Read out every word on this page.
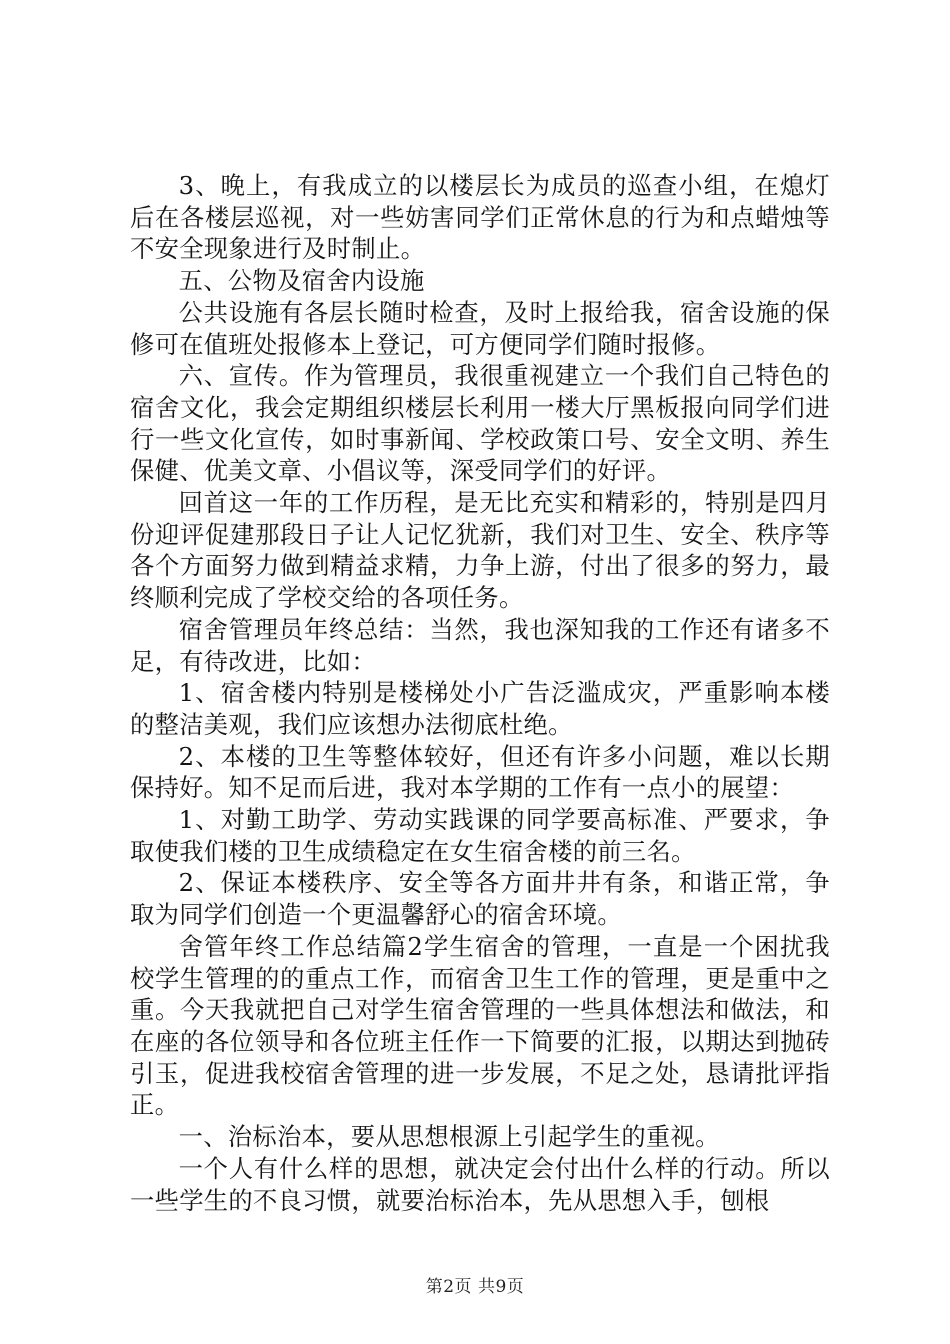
3、晚上，有我成立的以楼层长为成员的巡查小组，在熄灯后在各楼层巡视，对一些妨害同学们正常休息的行为和点蜡烛等不安全现象进行及时制止。

五、公物及宿舍内设施

公共设施有各层长随时检查，及时上报给我，宿舍设施的保修可在值班处报修本上登记，可方便同学们随时报修。

六、宣传。作为管理员，我很重视建立一个我们自己特色的宿舍文化，我会定期组织楼层长利用一楼大厅黑板报向同学们进行一些文化宣传，如时事新闻、学校政策口号、安全文明、养生保健、优美文章、小倡议等，深受同学们的好评。

回首这一年的工作历程，是无比充实和精彩的，特别是四月份迎评促建那段日子让人记忆犹新，我们对卫生、安全、秩序等各个方面努力做到精益求精，力争上游，付出了很多的努力，最终顺利完成了学校交给的各项任务。

宿舍管理员年终总结：当然，我也深知我的工作还有诸多不足，有待改进，比如：

1、宿舍楼内特别是楼梯处小广告泛滥成灾，严重影响本楼的整洁美观，我们应该想办法彻底杜绝。

2、本楼的卫生等整体较好，但还有许多小问题，难以长期保持好。知不足而后进，我对本学期的工作有一点小的展望：

1、对勤工助学、劳动实践课的同学要高标准、严要求，争取使我们楼的卫生成绩稳定在女生宿舍楼的前三名。

2、保证本楼秩序、安全等各方面井井有条，和谐正常，争取为同学们创造一个更温馨舒心的宿舍环境。

舍管年终工作总结篇2学生宿舍的管理，一直是一个困扰我校学生管理的的重点工作，而宿舍卫生工作的管理，更是重中之重。今天我就把自己对学生宿舍管理的一些具体想法和做法，和在座的各位领导和各位班主任作一下简要的汇报，以期达到抛砖引玉，促进我校宿舍管理的进一步发展，不足之处，恳请批评指正。

一、治标治本，要从思想根源上引起学生的重视。

一个人有什么样的思想，就决定会付出什么样的行动。所以一些学生的不良习惯，就要治标治本，先从思想入手，刨根

第2页 共9页
